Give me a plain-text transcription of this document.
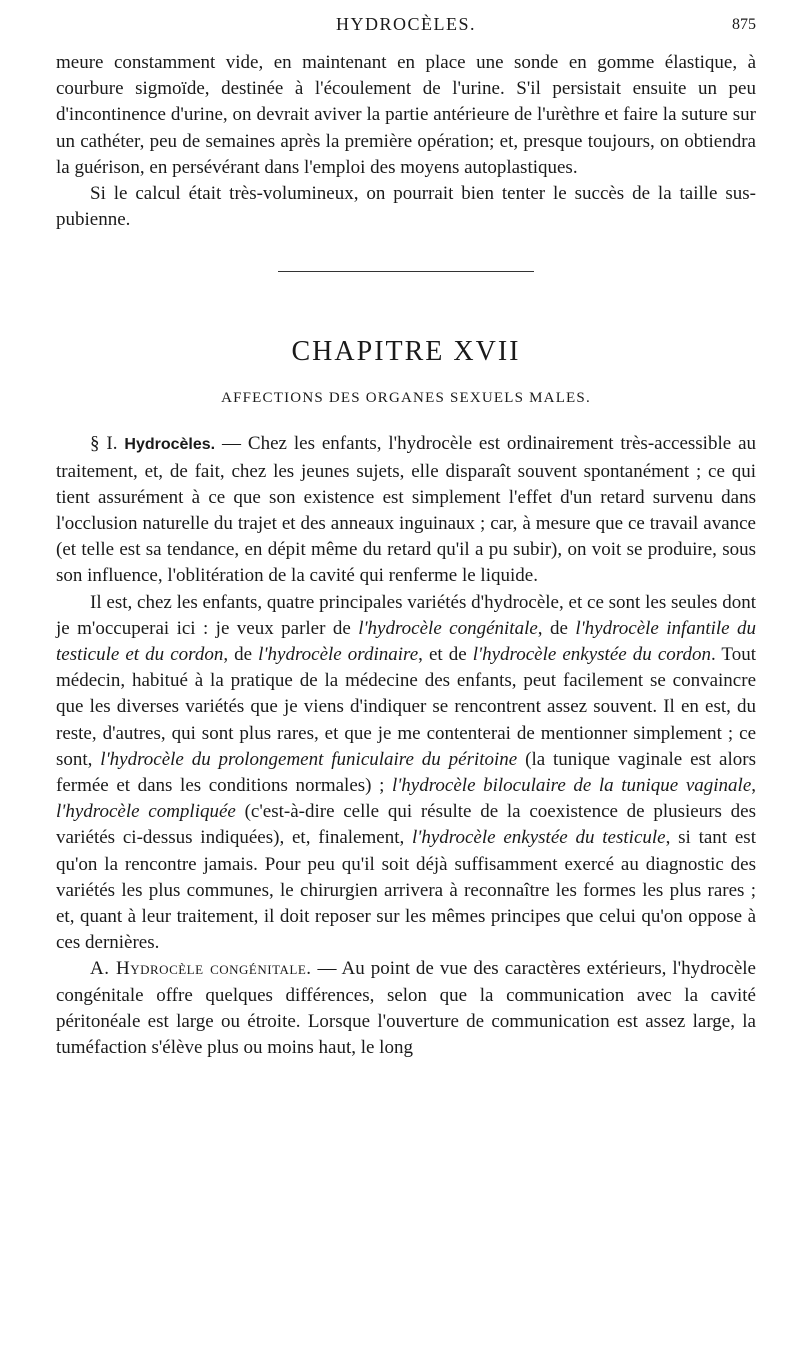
HYDROCÈLES.	875

meure constamment vide, en maintenant en place une sonde en gomme élastique, à courbure sigmoïde, destinée à l'écoulement de l'urine. S'il persistait ensuite un peu d'incontinence d'urine, on devrait aviver la partie antérieure de l'urèthre et faire la suture sur un cathéter, peu de semaines après la première opération; et, presque toujours, on obtiendra la guérison, en persévérant dans l'emploi des moyens autoplastiques.

Si le calcul était très-volumineux, on pourrait bien tenter le succès de la taille sus-pubienne.

CHAPITRE XVII
AFFECTIONS DES ORGANES SEXUELS MALES.

§ I. Hydrocèles. — Chez les enfants, l'hydrocèle est ordinairement très-accessible au traitement, et, de fait, chez les jeunes sujets, elle disparaît souvent spontanément ; ce qui tient assurément à ce que son existence est simplement l'effet d'un retard survenu dans l'occlusion naturelle du trajet et des anneaux inguinaux ; car, à mesure que ce travail avance (et telle est sa tendance, en dépit même du retard qu'il a pu subir), on voit se produire, sous son influence, l'oblitération de la cavité qui renferme le liquide.

Il est, chez les enfants, quatre principales variétés d'hydrocèle, et ce sont les seules dont je m'occuperai ici : je veux parler de l'hydrocèle congénitale, de l'hydrocèle infantile du testicule et du cordon, de l'hydrocèle ordinaire, et de l'hydrocèle enkystée du cordon. Tout médecin, habitué à la pratique de la médecine des enfants, peut facilement se convaincre que les diverses variétés que je viens d'indiquer se rencontrent assez souvent. Il en est, du reste, d'autres, qui sont plus rares, et que je me contenterai de mentionner simplement ; ce sont, l'hydrocèle du prolongement funiculaire du péritoine (la tunique vaginale est alors fermée et dans les conditions normales) ; l'hydrocèle biloculaire de la tunique vaginale, l'hydrocèle compliquée (c'est-à-dire celle qui résulte de la coexistence de plusieurs des variétés ci-dessus indiquées), et, finalement, l'hydrocèle enkystée du testicule, si tant est qu'on la rencontre jamais. Pour peu qu'il soit déjà suffisamment exercé au diagnostic des variétés les plus communes, le chirurgien arrivera à reconnaître les formes les plus rares ; et, quant à leur traitement, il doit reposer sur les mêmes principes que celui qu'on oppose à ces dernières.

A. Hydrocèle congénitale. — Au point de vue des caractères extérieurs, l'hydrocèle congénitale offre quelques différences, selon que la communication avec la cavité péritonéale est large ou étroite. Lorsque l'ouverture de communication est assez large, la tuméfaction s'élève plus ou moins haut, le long
